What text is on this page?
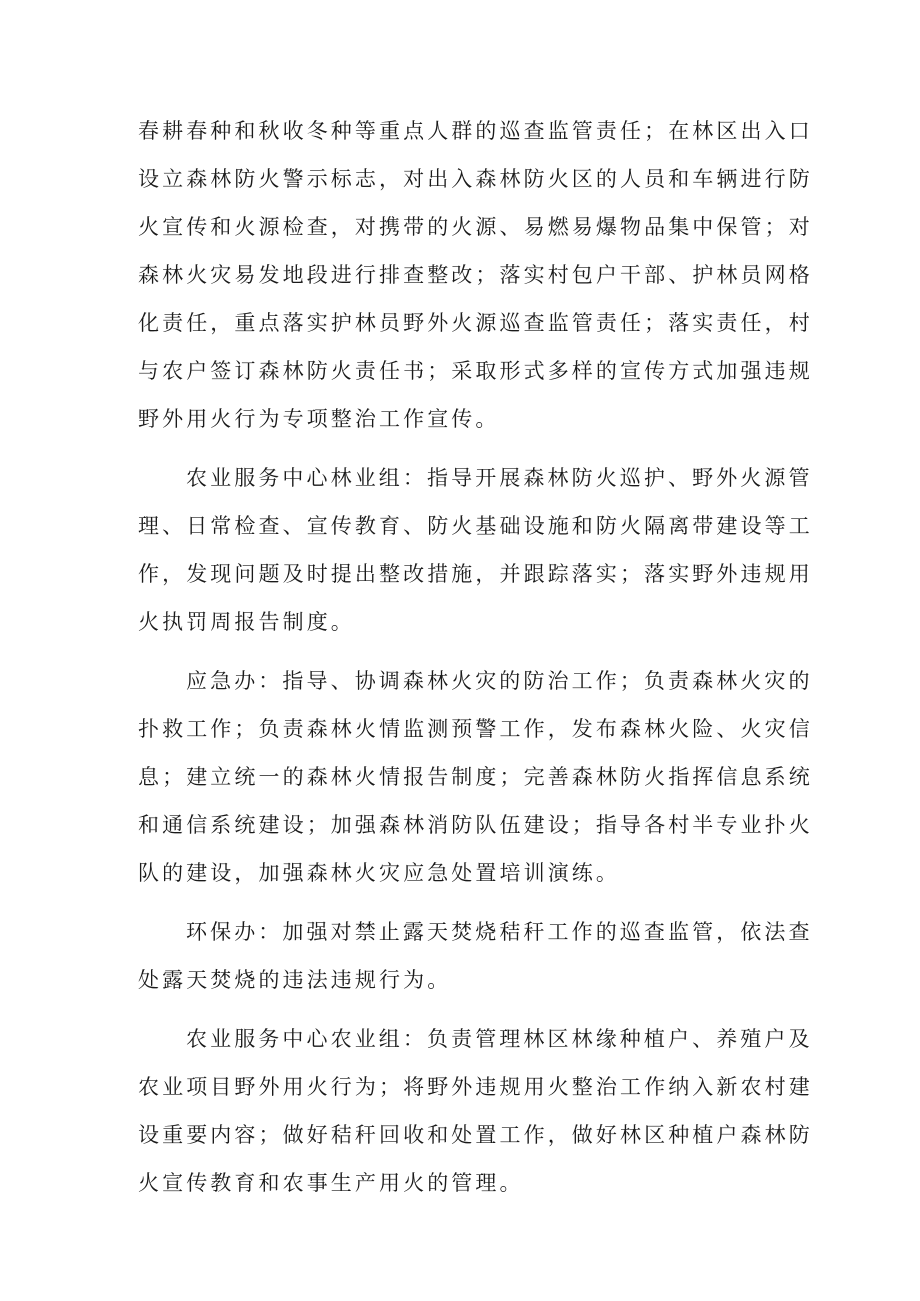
春耕春种和秋收冬种等重点人群的巡查监管责任；在林区出入口
设立森林防火警示标志，对出入森林防火区的人员和车辆进行防
火宣传和火源检查，对携带的火源、易燃易爆物品集中保管；对
森林火灾易发地段进行排查整改；落实村包户干部、护林员网格
化责任，重点落实护林员野外火源巡查监管责任；落实责任，村
与农户签订森林防火责任书；采取形式多样的宣传方式加强违规
野外用火行为专项整治工作宣传。
农业服务中心林业组：指导开展森林防火巡护、野外火源管
理、日常检查、宣传教育、防火基础设施和防火隔离带建设等工
作，发现问题及时提出整改措施，并跟踪落实；落实野外违规用
火执罚周报告制度。
应急办：指导、协调森林火灾的防治工作；负责森林火灾的
扑救工作；负责森林火情监测预警工作，发布森林火险、火灾信
息；建立统一的森林火情报告制度；完善森林防火指挥信息系统
和通信系统建设；加强森林消防队伍建设；指导各村半专业扑火
队的建设，加强森林火灾应急处置培训演练。
环保办：加强对禁止露天焚烧秸秆工作的巡查监管，依法查
处露天焚烧的违法违规行为。
农业服务中心农业组：负责管理林区林缘种植户、养殖户及
农业项目野外用火行为；将野外违规用火整治工作纳入新农村建
设重要内容；做好秸秆回收和处置工作，做好林区种植户森林防
火宣传教育和农事生产用火的管理。
